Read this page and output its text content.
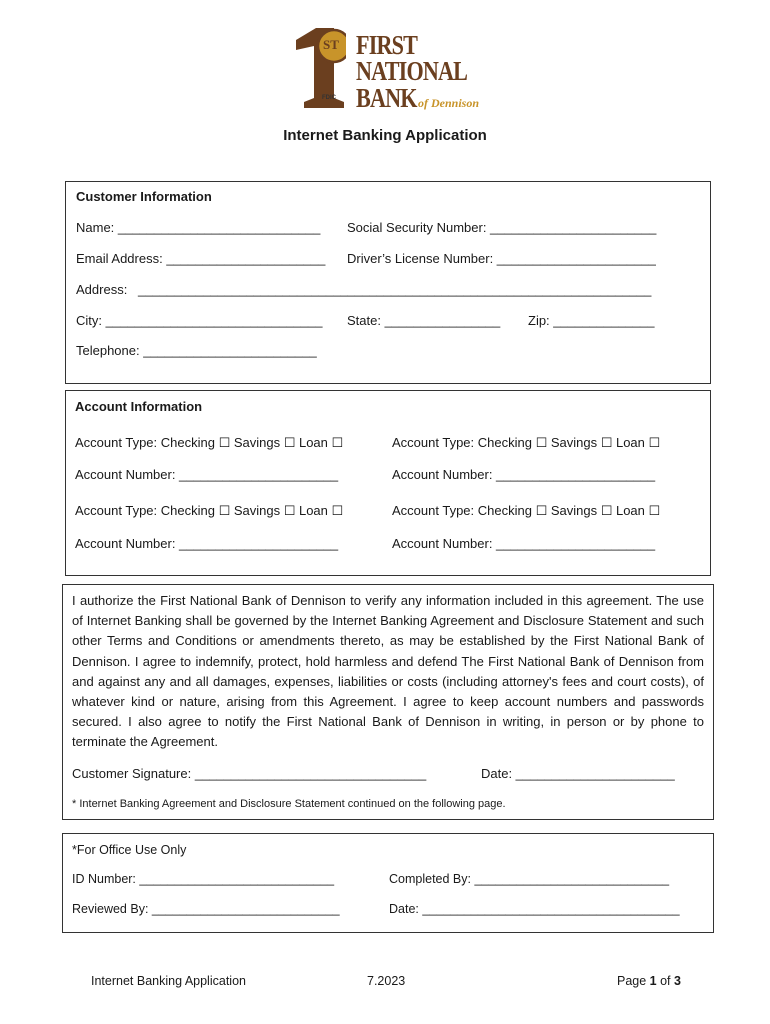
ST
FDIC
FIRST
NATIONAL
BANK of Dennison
Internet Banking Application
Customer Information
Name: ____________________________ Social Security Number: _______________________
Email Address: ______________________ Driver’s License Number: ______________________
Address: _______________________________________________________________________
City: ______________________________ State: ________________ Zip: ______________
Telephone: ________________________
Account Information
Account Type: Checking ☐ Savings ☐ Loan ☐	Account Type: Checking ☐ Savings ☐ Loan ☐
Account Number: ______________________	Account Number: ______________________
Account Type: Checking ☐ Savings ☐ Loan ☐	Account Type: Checking ☐ Savings ☐ Loan ☐
Account Number: ______________________	Account Number: ______________________
I authorize the First National Bank of Dennison to verify any information included in this agreement. The use of Internet Banking shall be governed by the Internet Banking Agreement and Disclosure Statement and such other Terms and Conditions or amendments thereto, as may be established by the First National Bank of Dennison. I agree to indemnify, protect, hold harmless and defend The First National Bank of Dennison from and against any and all damages, expenses, liabilities or costs (including attorney's fees and court costs), of whatever kind or nature, arising from this Agreement. I agree to keep account numbers and passwords secured. I also agree to notify the First National Bank of Dennison in writing, in person or by phone to terminate the Agreement.
Customer Signature: ________________________________	Date: ______________________
* Internet Banking Agreement and Disclosure Statement continued on the following page.
*For Office Use Only
ID Number: ____________________________	Completed By: ____________________________
Reviewed By: ___________________________	Date: _____________________________________
Internet Banking Application	7.2023	Page 1 of 3
